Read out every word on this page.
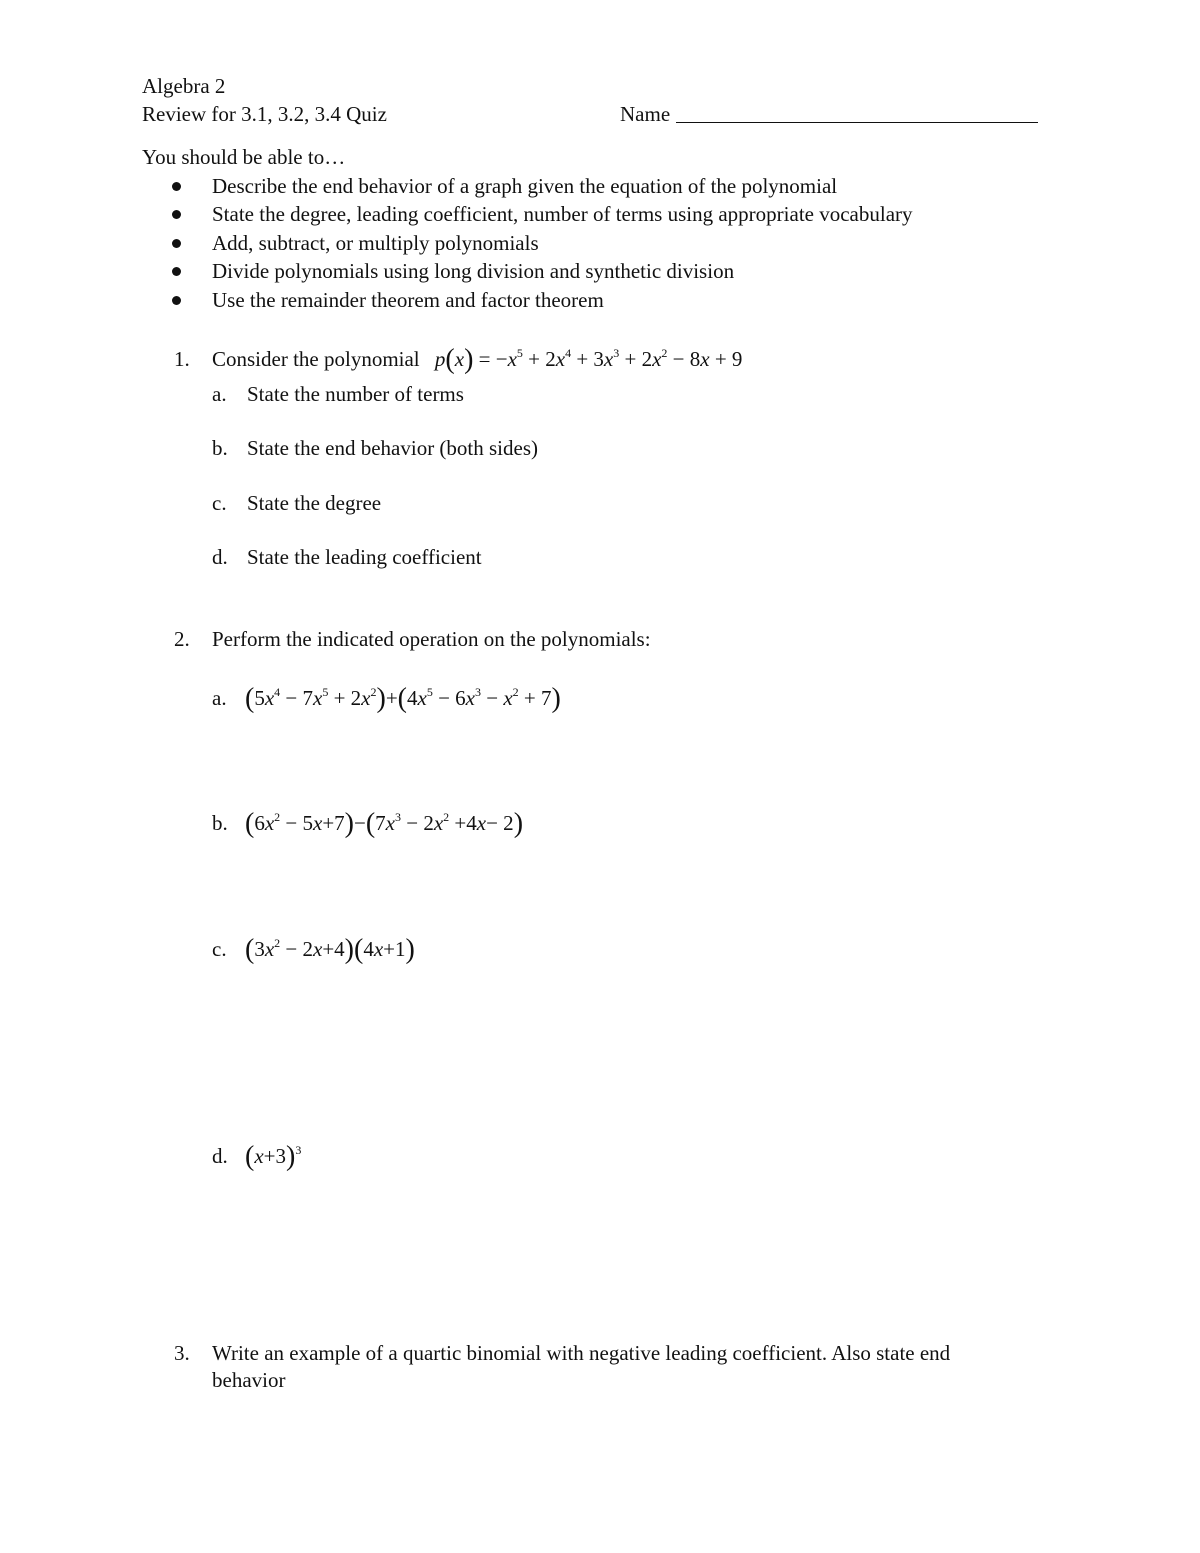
Algebra 2
Review for 3.1, 3.2, 3.4 Quiz	Name
You should be able to…
Describe the end behavior of a graph given the equation of the polynomial
State the degree, leading coefficient, number of terms using appropriate vocabulary
Add, subtract, or multiply polynomials
Divide polynomials using long division and synthetic division
Use the remainder theorem and factor theorem
1. Consider the polynomial $p(x) = -x^5 + 2x^4 + 3x^3 + 2x^2 - 8x + 9$
a. State the number of terms
b. State the end behavior (both sides)
c. State the degree
d. State the leading coefficient
2. Perform the indicated operation on the polynomials:
a. $(5x^4 - 7x^5 + 2x^2)+(4x^5 - 6x^3 - x^2 + 7)$
b. $(6x^2 - 5x+7)-(7x^3 - 2x^2 +4x- 2)$
c. $(3x^2 - 2x+4)(4x+1)$
d. $(x+3)^3$
3. Write an example of a quartic binomial with negative leading coefficient. Also state end
behavior
